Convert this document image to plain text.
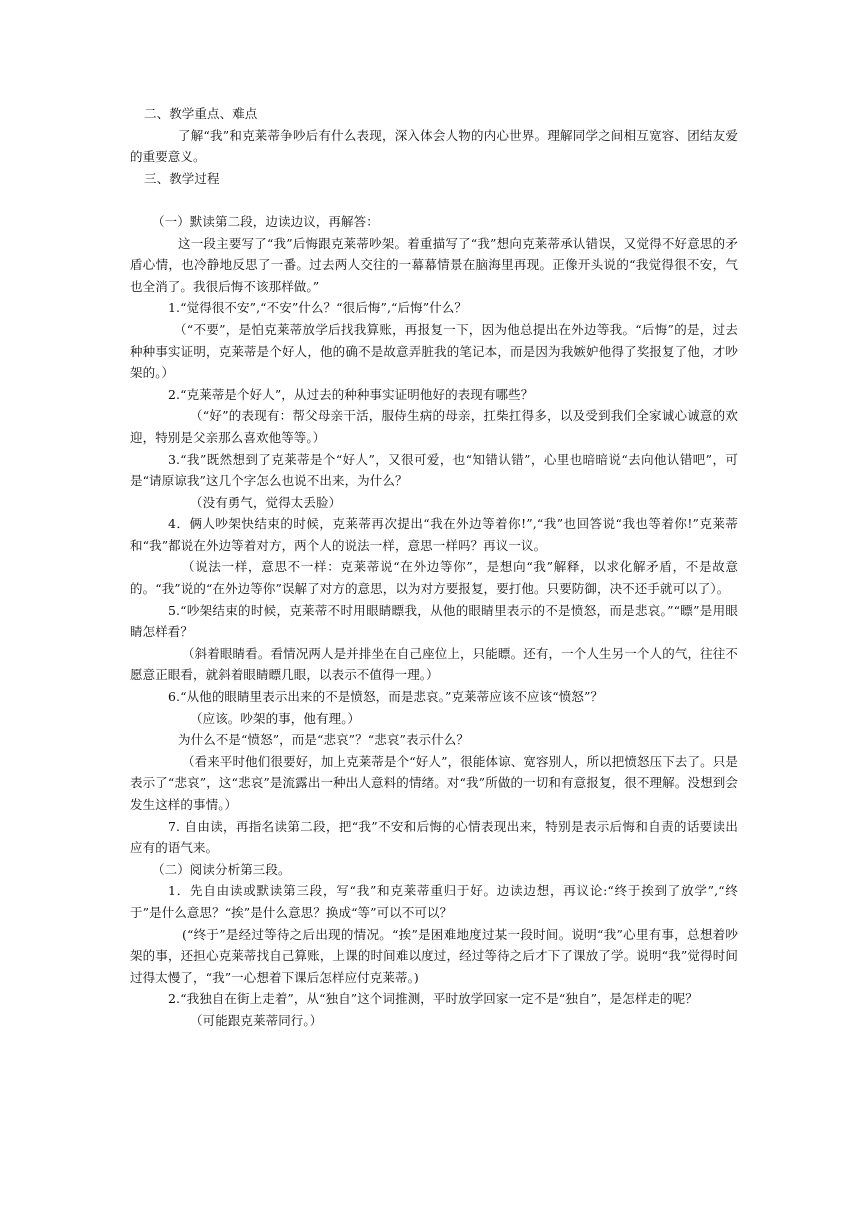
二、教学重点、难点

了解“我”和克莱蒂争吵后有什么表现，深入体会人物的内心世界。理解同学之间相互宽容、团结友爱的重要意义。

三、教学过程

（一）默读第二段，边读边议，再解答：

这一段主要写了“我”后悔跟克莱蒂吵架。着重描写了“我”想向克莱蒂承认错误，又觉得不好意思的矛盾心情，也冷静地反思了一番。过去两人交往的一幕幕情景在脑海里再现。正像开头说的“我觉得很不安，气也全消了。我很后悔不该那样做。”

1.“觉得很不安”,“不安”什么？“很后悔”,“后悔”什么？

（“不要”，是怕克莱蒂放学后找我算账，再报复一下，因为他总提出在外边等我。“后悔”的是，过去种种事实证明，克莱蒂是个好人，他的确不是故意弄脏我的笔记本，而是因为我嫉妒他得了奖报复了他，才吵架的。）

2.“克莱蒂是个好人”，从过去的种种事实证明他好的表现有哪些？

（“好”的表现有：帮父母亲干活，服侍生病的母亲，扛柴扛得多，以及受到我们全家诚心诚意的欢迎，特别是父亲那么喜欢他等等。）

3.“我”既然想到了克莱蒂是个“好人”，又很可爱，也“知错认错”，心里也暗暗说“去向他认错吧”，可是“请原谅我”这几个字怎么也说不出来，为什么？

（没有勇气，觉得太丢脸）

4．俩人吵架快结束的时候，克莱蒂再次提出“我在外边等着你!”,“我”也回答说“我也等着你!”克莱蒂和“我”都说在外边等着对方，两个人的说法一样，意思一样吗？再议一议。

（说法一样，意思不一样：克莱蒂说“在外边等你”，是想向“我”解释，以求化解矛盾，不是故意的。“我”说的“在外边等你”误解了对方的意思，以为对方要报复，要打他。只要防御，决不还手就可以了）。

5.“吵架结束的时候，克莱蒂不时用眼睛瞟我，从他的眼睛里表示的不是愤怒，而是悲哀。”“瞟”是用眼睛怎样看？

（斜着眼睛看。看情况两人是并排坐在自己座位上，只能瞟。还有，一个人生另一个人的气，往往不愿意正眼看，就斜着眼睛瞟几眼，以表示不值得一理。）

6.“从他的眼睛里表示出来的不是愤怒，而是悲哀。”克莱蒂应该不应该“愤怒”？

（应该。吵架的事，他有理。）

为什么不是“愤怒”，而是“悲哀”？“悲哀”表示什么？

（看来平时他们很要好，加上克莱蒂是个“好人”，很能体谅、宽容别人，所以把愤怒压下去了。只是表示了“悲哀”，这“悲哀”是流露出一种出人意料的情绪。对“我”所做的一切和有意报复，很不理解。没想到会发生这样的事情。）

7. 自由读，再指名读第二段，把“我”不安和后悔的心情表现出来，特别是表示后悔和自责的话要读出应有的语气来。

（二）阅读分析第三段。

1．先自由读或默读第三段，写“我”和克莱蒂重归于好。边读边想，再议论:“终于挨到了放学”,“终于”是什么意思？“挨”是什么意思？换成“等”可以不可以？

(“终于”是经过等待之后出现的情况。“挨”是困难地度过某一段时间。说明“我”心里有事，总想着吵架的事，还担心克莱蒂找自己算账，上课的时间难以度过，经过等待之后才下了课放了学。说明“我”觉得时间过得太慢了，“我”一心想着下课后怎样应付克莱蒂。)

2.“我独自在街上走着”，从“独自”这个词推测，平时放学回家一定不是“独自”，是怎样走的呢？

（可能跟克莱蒂同行。）
